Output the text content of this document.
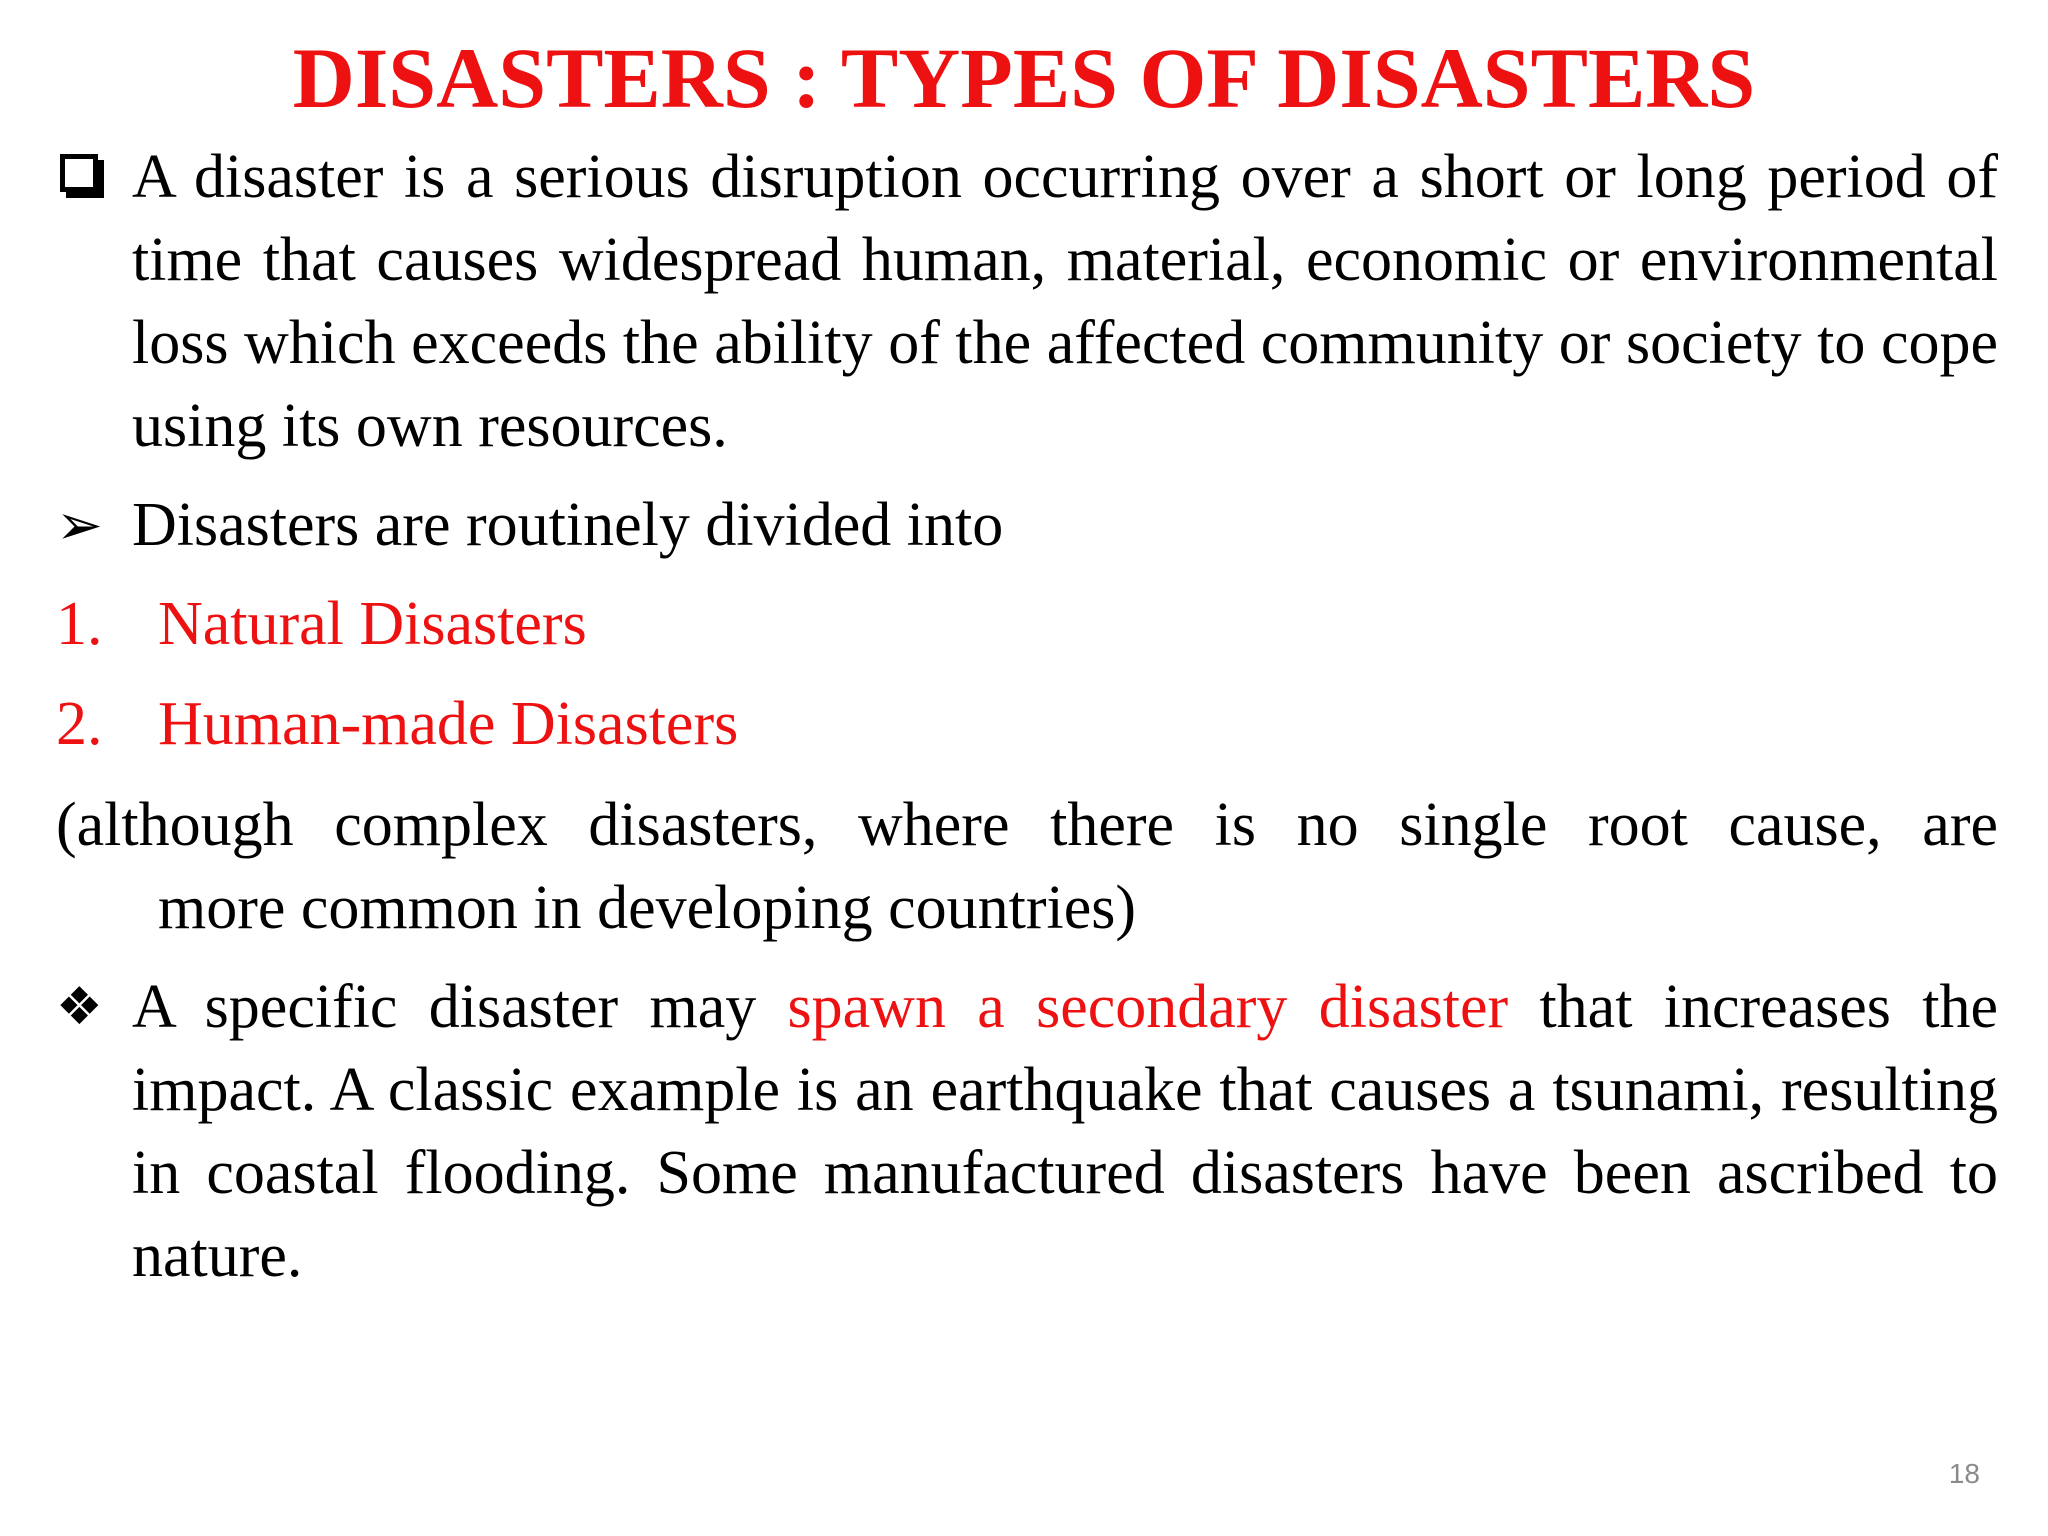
DISASTERS : TYPES OF DISASTERS
A disaster is a serious disruption occurring over a short or long period of time that causes widespread human, material, economic or environmental loss which exceeds the ability of the affected community or society to cope using its own resources.
➢ Disasters are routinely divided into
1. Natural Disasters
2. Human-made Disasters
(although complex disasters, where there is no single root cause, are
more common in developing countries)
❖ A specific disaster may spawn a secondary disaster that increases the impact. A classic example is an earthquake that causes a tsunami, resulting in coastal flooding. Some manufactured disasters have been ascribed to nature.
18
